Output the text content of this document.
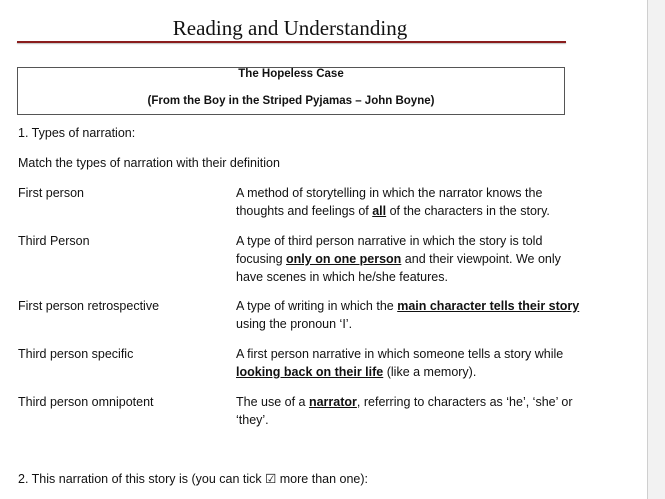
Reading and Understanding
The Hopeless Case
(From the Boy in the Striped Pyjamas – John Boyne)
1. Types of narration:
Match the types of narration with their definition
First person
Third Person
First person retrospective
Third person specific
Third person omnipotent
A method of storytelling in which the narrator knows the thoughts and feelings of all of the characters in the story.
A type of third person narrative in which the story is told focusing only on one person and their viewpoint. We only have scenes in which he/she features.
A type of writing in which the main character tells their story using the pronoun ‘I’.
A first person narrative in which someone tells a story while looking back on their life (like a memory).
The use of a narrator, referring to characters as ‘he’, ‘she’ or ‘they’.
2. This narration of this story is (you can tick ☑ more than one):
